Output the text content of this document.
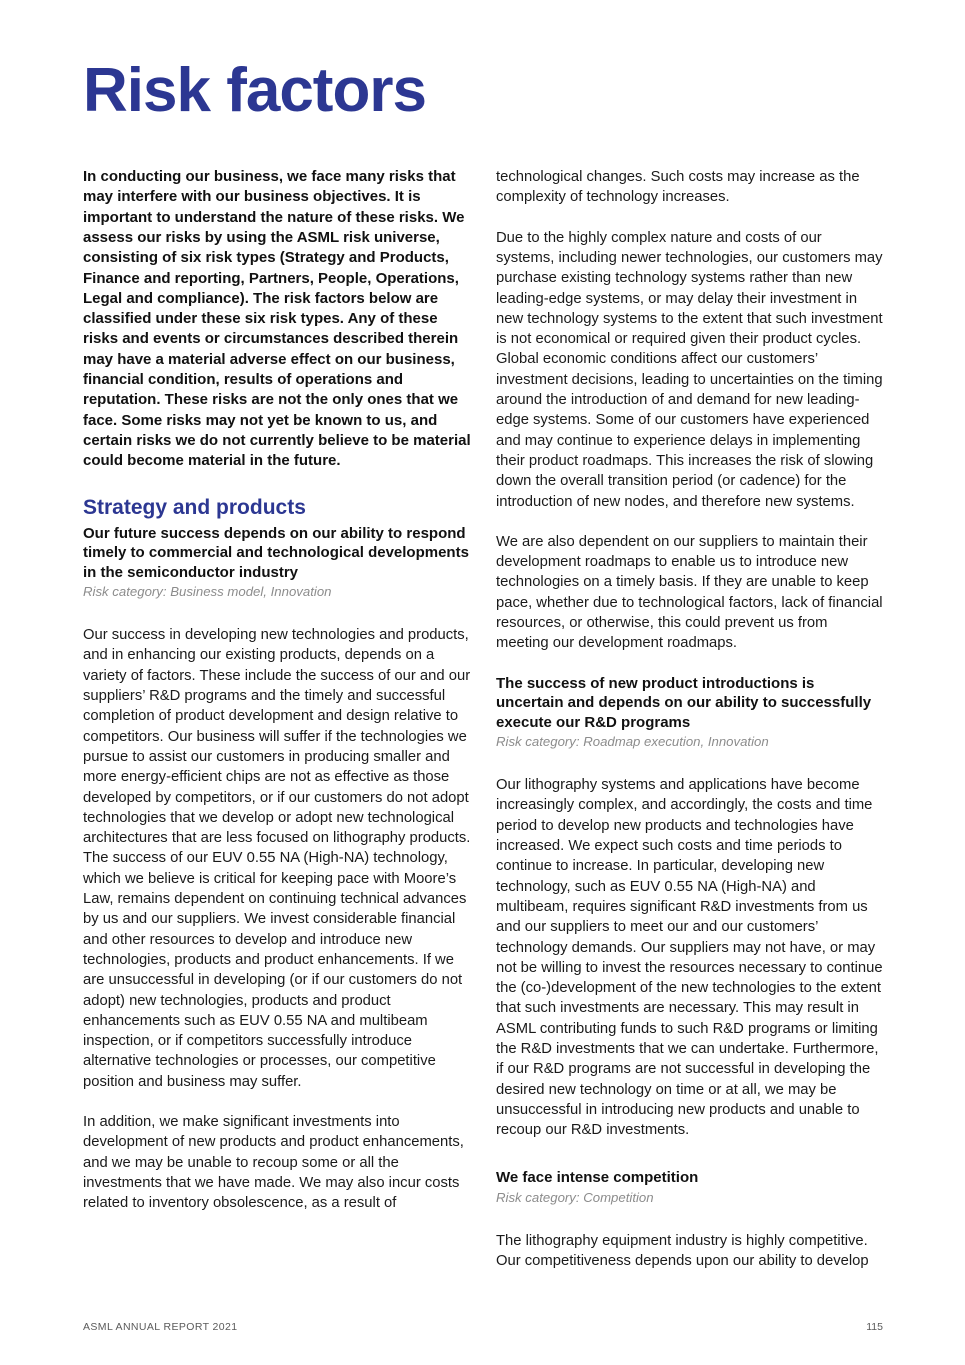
Risk factors

In conducting our business, we face many risks that may interfere with our business objectives. It is important to understand the nature of these risks. We assess our risks by using the ASML risk universe, consisting of six risk types (Strategy and Products, Finance and reporting, Partners, People, Operations, Legal and compliance). The risk factors below are classified under these six risk types. Any of these risks and events or circumstances described therein may have a material adverse effect on our business, financial condition, results of operations and reputation. These risks are not the only ones that we face. Some risks may not yet be known to us, and certain risks we do not currently believe to be material could become material in the future.

Strategy and products
Our future success depends on our ability to respond timely to commercial and technological developments in the semiconductor industry

Risk category: Business model, Innovation

Our success in developing new technologies and products, and in enhancing our existing products, depends on a variety of factors. These include the success of our and our suppliers’ R&D programs and the timely and successful completion of product development and design relative to competitors. Our business will suffer if the technologies we pursue to assist our customers in producing smaller and more energy-efficient chips are not as effective as those developed by competitors, or if our customers do not adopt technologies that we develop or adopt new technological architectures that are less focused on lithography products. The success of our EUV 0.55 NA (High-NA) technology, which we believe is critical for keeping pace with Moore’s Law, remains dependent on continuing technical advances by us and our suppliers. We invest considerable financial and other resources to develop and introduce new technologies, products and product enhancements. If we are unsuccessful in developing (or if our customers do not adopt) new technologies, products and product enhancements such as EUV 0.55 NA and multibeam inspection, or if competitors successfully introduce alternative technologies or processes, our competitive position and business may suffer.

In addition, we make significant investments into development of new products and product enhancements, and we may be unable to recoup some or all the investments that we have made. We may also incur costs related to inventory obsolescence, as a result of

technological changes. Such costs may increase as the complexity of technology increases.

Due to the highly complex nature and costs of our systems, including newer technologies, our customers may purchase existing technology systems rather than new leading-edge systems, or may delay their investment in new technology systems to the extent that such investment is not economical or required given their product cycles. Global economic conditions affect our customers’ investment decisions, leading to uncertainties on the timing around the introduction of and demand for new leading-edge systems. Some of our customers have experienced and may continue to experience delays in implementing their product roadmaps. This increases the risk of slowing down the overall transition period (or cadence) for the introduction of new nodes, and therefore new systems.

We are also dependent on our suppliers to maintain their development roadmaps to enable us to introduce new technologies on a timely basis. If they are unable to keep pace, whether due to technological factors, lack of financial resources, or otherwise, this could prevent us from meeting our development roadmaps.

The success of new product introductions is uncertain and depends on our ability to successfully execute our R&D programs

Risk category: Roadmap execution, Innovation

Our lithography systems and applications have become increasingly complex, and accordingly, the costs and time period to develop new products and technologies have increased. We expect such costs and time periods to continue to increase. In particular, developing new technology, such as EUV 0.55 NA (High-NA) and multibeam, requires significant R&D investments from us and our suppliers to meet our and our customers’ technology demands. Our suppliers may not have, or may not be willing to invest the resources necessary to continue the (co-)development of the new technologies to the extent that such investments are necessary. This may result in ASML contributing funds to such R&D programs or limiting the R&D investments that we can undertake. Furthermore, if our R&D programs are not successful in developing the desired new technology on time or at all, we may be unsuccessful in introducing new products and unable to recoup our R&D investments.

We face intense competition

Risk category: Competition

The lithography equipment industry is highly competitive. Our competitiveness depends upon our ability to develop

ASML ANNUAL REPORT 2021	115
